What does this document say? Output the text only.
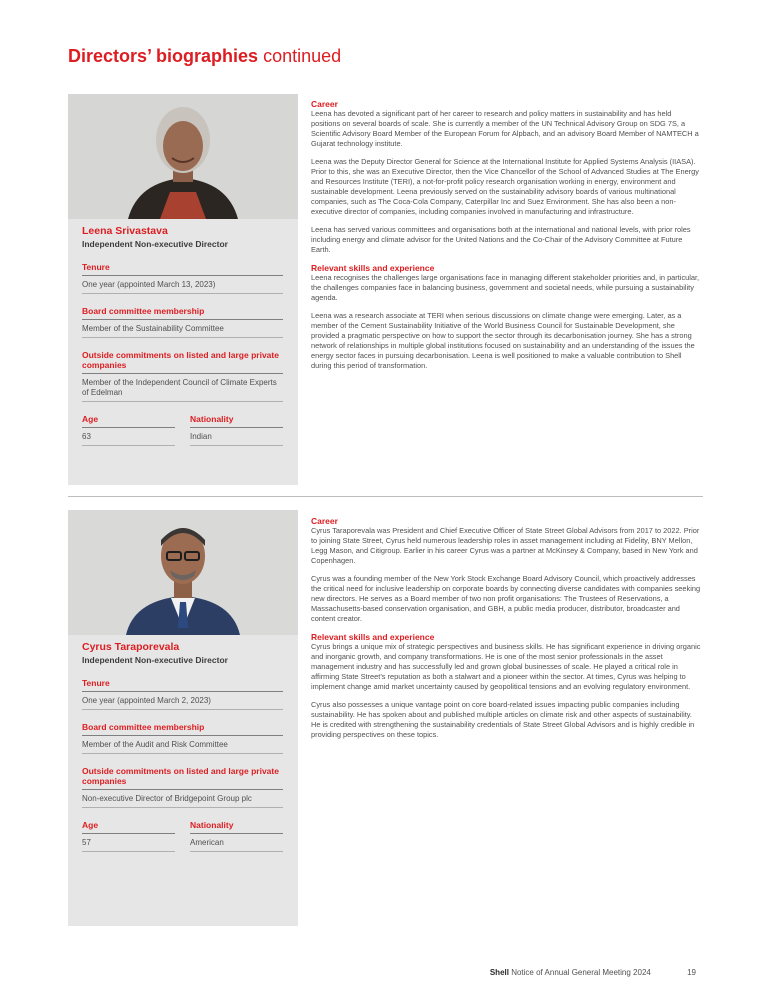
Directors’ biographies continued

Leena Srivastava

Independent Non-executive Director

Tenure
One year (appointed March 13, 2023)
Board committee membership
Member of the Sustainability Committee
Outside commitments on listed and large private companies
Member of the Independent Council of Climate Experts of Edelman
Age
63
Nationality
Indian

Career

Leena has devoted a significant part of her career to research and policy matters in sustainability and has held positions on several boards of scale. She is currently a member of the UN Technical Advisory Group on SDG 7S, a Scientific Advisory Board Member of the European Forum for Alpbach, and an advisory Board Member of NAMTECH a Gujarat technology institute.

Leena was the Deputy Director General for Science at the International Institute for Applied Systems Analysis (IIASA). Prior to this, she was an Executive Director, then the Vice Chancellor of the School of Advanced Studies at The Energy and Resources Institute (TERI), a not-for-profit policy research organisation working in energy, environment and sustainable development. Leena previously served on the sustainability advisory boards of various multinational companies, such as The Coca-Cola Company, Caterpillar Inc and Suez Environment. She has also been a non-executive director of companies, including companies involved in manufacturing and infrastructure.

Leena has served various committees and organisations both at the international and national levels, with prior roles including energy and climate advisor for the United Nations and the Co-Chair of the Advisory Committee at Future Earth.

Relevant skills and experience

Leena recognises the challenges large organisations face in managing different stakeholder priorities and, in particular, the challenges companies face in balancing business, government and societal needs, while pursuing a sustainability agenda.

Leena was a research associate at TERI when serious discussions on climate change were emerging. Later, as a member of the Cement Sustainability Initiative of the World Business Council for Sustainable Development, she provided a pragmatic perspective on how to support the sector through its decarbonisation journey. She has a strong network of relationships in multiple global institutions focused on sustainability and an understanding of the issues the energy sector faces in pursuing decarbonisation. Leena is well positioned to make a valuable contribution to Shell during this period of transformation.

Cyrus Taraporevala

Independent Non-executive Director

Tenure
One year (appointed March 2, 2023)
Board committee membership
Member of the Audit and Risk Committee
Outside commitments on listed and large private companies
Non-executive Director of Bridgepoint Group plc
Age
57
Nationality
American

Career

Cyrus Taraporevala was President and Chief Executive Officer of State Street Global Advisors from 2017 to 2022. Prior to joining State Street, Cyrus held numerous leadership roles in asset management including at Fidelity, BNY Mellon, Legg Mason, and Citigroup. Earlier in his career Cyrus was a partner at McKinsey & Company, based in New York and Copenhagen.

Cyrus was a founding member of the New York Stock Exchange Board Advisory Council, which proactively addresses the critical need for inclusive leadership on corporate boards by connecting diverse candidates with companies seeking new directors. He serves as a Board member of two non profit organisations: The Trustees of Reservations, a Massachusetts-based conservation organisation, and GBH, a public media producer, distributor, broadcaster and content creator.

Relevant skills and experience

Cyrus brings a unique mix of strategic perspectives and business skills. He has significant experience in driving organic and inorganic growth, and company transformations. He is one of the most senior professionals in the asset management industry and has successfully led and grown global businesses of scale. He played a critical role in affirming State Street’s reputation as both a stalwart and a pioneer within the sector. At times, Cyrus was helping to implement change amid market uncertainty caused by geopolitical tensions and an evolving regulatory environment.

Cyrus also possesses a unique vantage point on core board-related issues impacting public companies including sustainability. He has spoken about and published multiple articles on climate risk and other aspects of sustainability. He is credited with strengthening the sustainability credentials of State Street Global Advisors and is highly credible in providing perspectives on these topics.

Shell Notice of Annual General Meeting 2024	19
